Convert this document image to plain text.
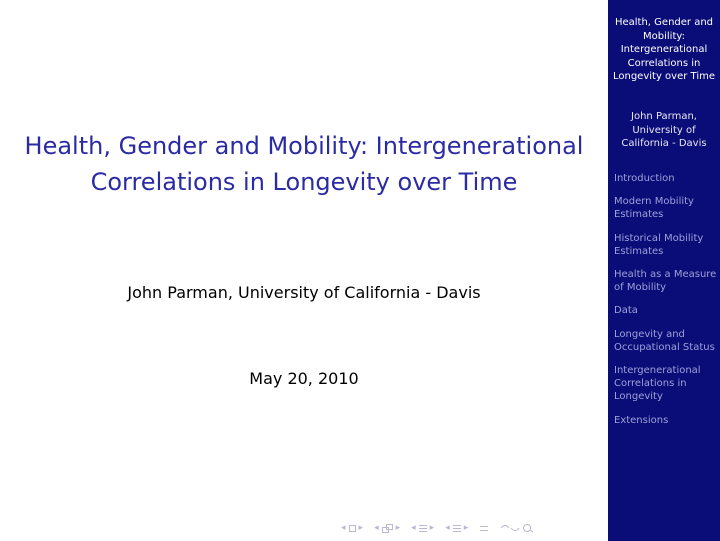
Health, Gender and Mobility: Intergenerational Correlations in Longevity over Time
John Parman, University of California - Davis
May 20, 2010
◂ ▸ ◂ ▸ ◂ ▸ ◂ ▸
Health, Gender and Mobility: Intergenerational Correlations in Longevity over Time
John Parman, University of California - Davis
Introduction
Modern Mobility Estimates
Historical Mobility Estimates
Health as a Measure of Mobility
Data
Longevity and Occupational Status
Intergenerational Correlations in Longevity
Extensions
